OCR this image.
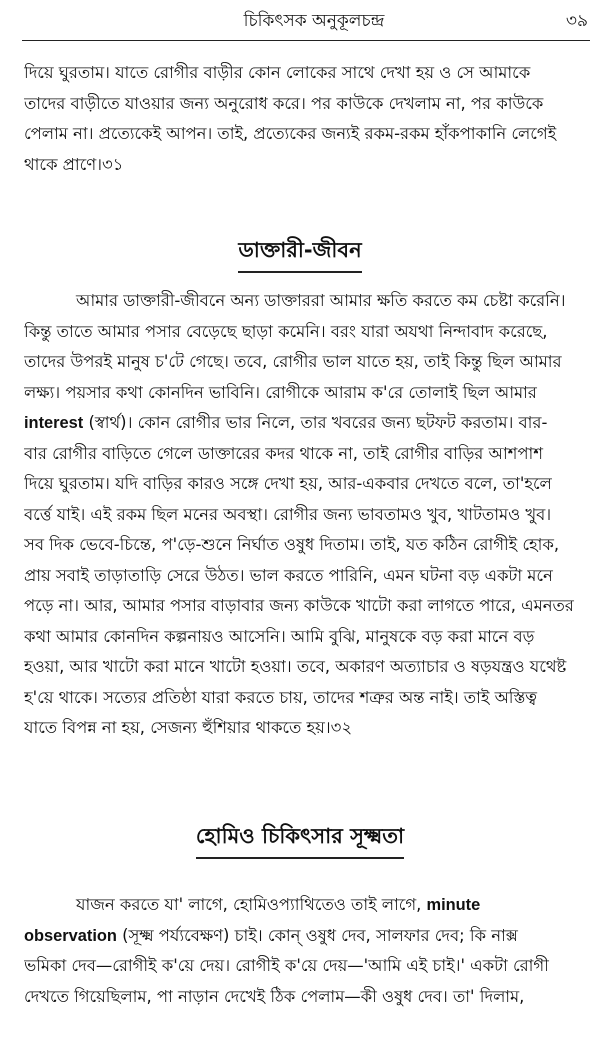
চিকিৎসক অনুকূলচন্দ্র	৩৯
দিয়ে ঘুরতাম। যাতে রোগীর বাড়ীর কোন লোকের সাথে দেখা হয় ও সে আমাকে
তাদের বাড়ীতে যাওয়ার জন্য অনুরোধ করে। পর কাউকে দেখলাম না, পর কাউকে
পেলাম না। প্রত্যেকেই আপন। তাই, প্রত্যেকের জন্যই রকম-রকম হাঁকপাকানি লেগেই
থাকে প্রাণে।৩১
ডাক্তারী-জীবন
আমার ডাক্তারী-জীবনে অন্য ডাক্তাররা আমার ক্ষতি করতে কম চেষ্টা করেনি।
কিন্তু তাতে আমার পসার বেড়েছে ছাড়া কমেনি। বরং যারা অযথা নিন্দাবাদ করেছে,
তাদের উপরই মানুষ চ'টে গেছে। তবে, রোগীর ভাল যাতে হয়, তাই কিন্তু ছিল আমার
লক্ষ্য। পয়সার কথা কোনদিন ভাবিনি। রোগীকে আরাম ক'রে তোলাই ছিল আমার
interest (স্বার্থ)। কোন রোগীর ভার নিলে, তার খবরের জন্য ছটফট করতাম। বার-
বার রোগীর বাড়িতে গেলে ডাক্তারের কদর থাকে না, তাই রোগীর বাড়ির আশপাশ
দিয়ে ঘুরতাম। যদি বাড়ির কারও সঙ্গে দেখা হয়, আর-একবার দেখতে বলে, তা'হলে
বর্ত্তে যাই। এই রকম ছিল মনের অবস্থা। রোগীর জন্য ভাবতামও খুব, খাটতামও খুব।
সব দিক ভেবে-চিন্তে, প'ড়ে-শুনে নির্ঘাত ওষুধ দিতাম। তাই, যত কঠিন রোগীই হোক,
প্রায় সবাই তাড়াতাড়ি সেরে উঠত। ভাল করতে পারিনি, এমন ঘটনা বড় একটা মনে
পড়ে না। আর, আমার পসার বাড়াবার জন্য কাউকে খাটো করা লাগতে পারে, এমনতর
কথা আমার কোনদিন কল্পনায়ও আসেনি। আমি বুঝি, মানুষকে বড় করা মানে বড়
হওয়া, আর খাটো করা মানে খাটো হওয়া। তবে, অকারণ অত্যাচার ও ষড়যন্ত্রও যথেষ্ট
হ'য়ে থাকে। সত্যের প্রতিষ্ঠা যারা করতে চায়, তাদের শত্রুর অন্ত নাই। তাই অস্তিত্ব
যাতে বিপন্ন না হয়, সেজন্য হুঁশিয়ার থাকতে হয়।৩২
হোমিও চিকিৎসার সূক্ষ্মতা
যাজন করতে যা' লাগে, হোমিওপ্যাথিতেও তাই লাগে, minute
observation (সূক্ষ্ম পর্য্যবেক্ষণ) চাই। কোন্ ওষুধ দেব, সালফার দেব; কি নাক্স
ভমিকা দেব—রোগীই ক'য়ে দেয়। রোগীই ক'য়ে দেয়—'আমি এই চাই।' একটা রোগী
দেখতে গিয়েছিলাম, পা নাড়ান দেখেই ঠিক পেলাম—কী ওষুধ দেব। তা' দিলাম,
